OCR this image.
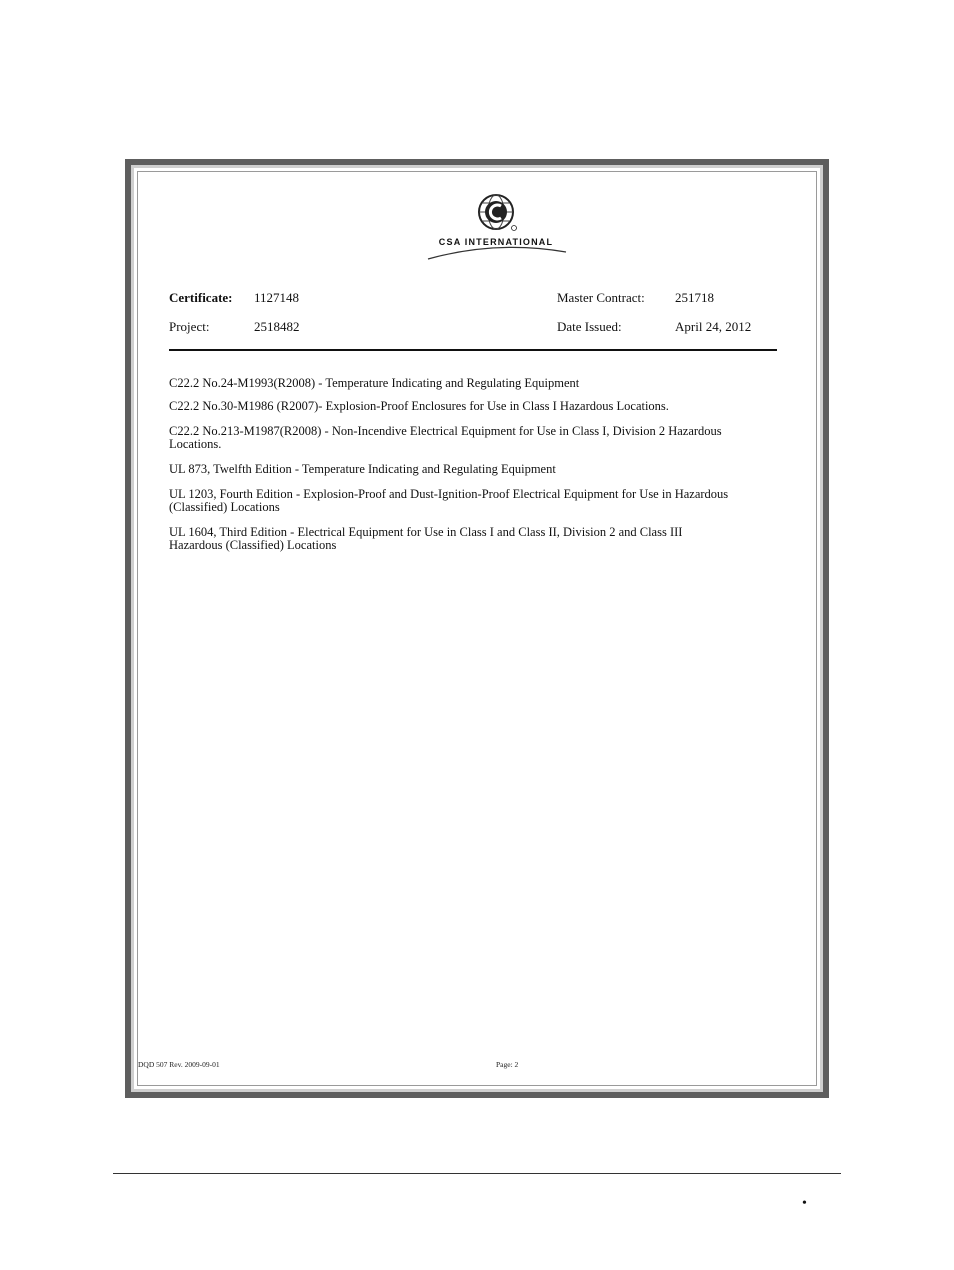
CSA INTERNATIONAL
Certificate: 1127148
Project:	2518482
Master Contract: 251718
Date Issued:	April 24, 2012
C22.2 No.24-M1993(R2008) - Temperature Indicating and Regulating Equipment
C22.2 No.30-M1986 (R2007)- Explosion-Proof Enclosures for Use in Class I Hazardous Locations.
C22.2 No.213-M1987(R2008) - Non-Incendive Electrical Equipment for Use in Class I, Division 2 Hazardous
Locations.
UL 873, Twelfth Edition - Temperature Indicating and Regulating Equipment
UL 1203, Fourth Edition - Explosion-Proof and Dust-Ignition-Proof Electrical Equipment for Use in Hazardous
(Classified) Locations
UL 1604, Third Edition - Electrical Equipment for Use in Class I and Class II, Division 2 and Class III
Hazardous (Classified) Locations
DQD 507 Rev. 2009-09-01	Page: 2
•
